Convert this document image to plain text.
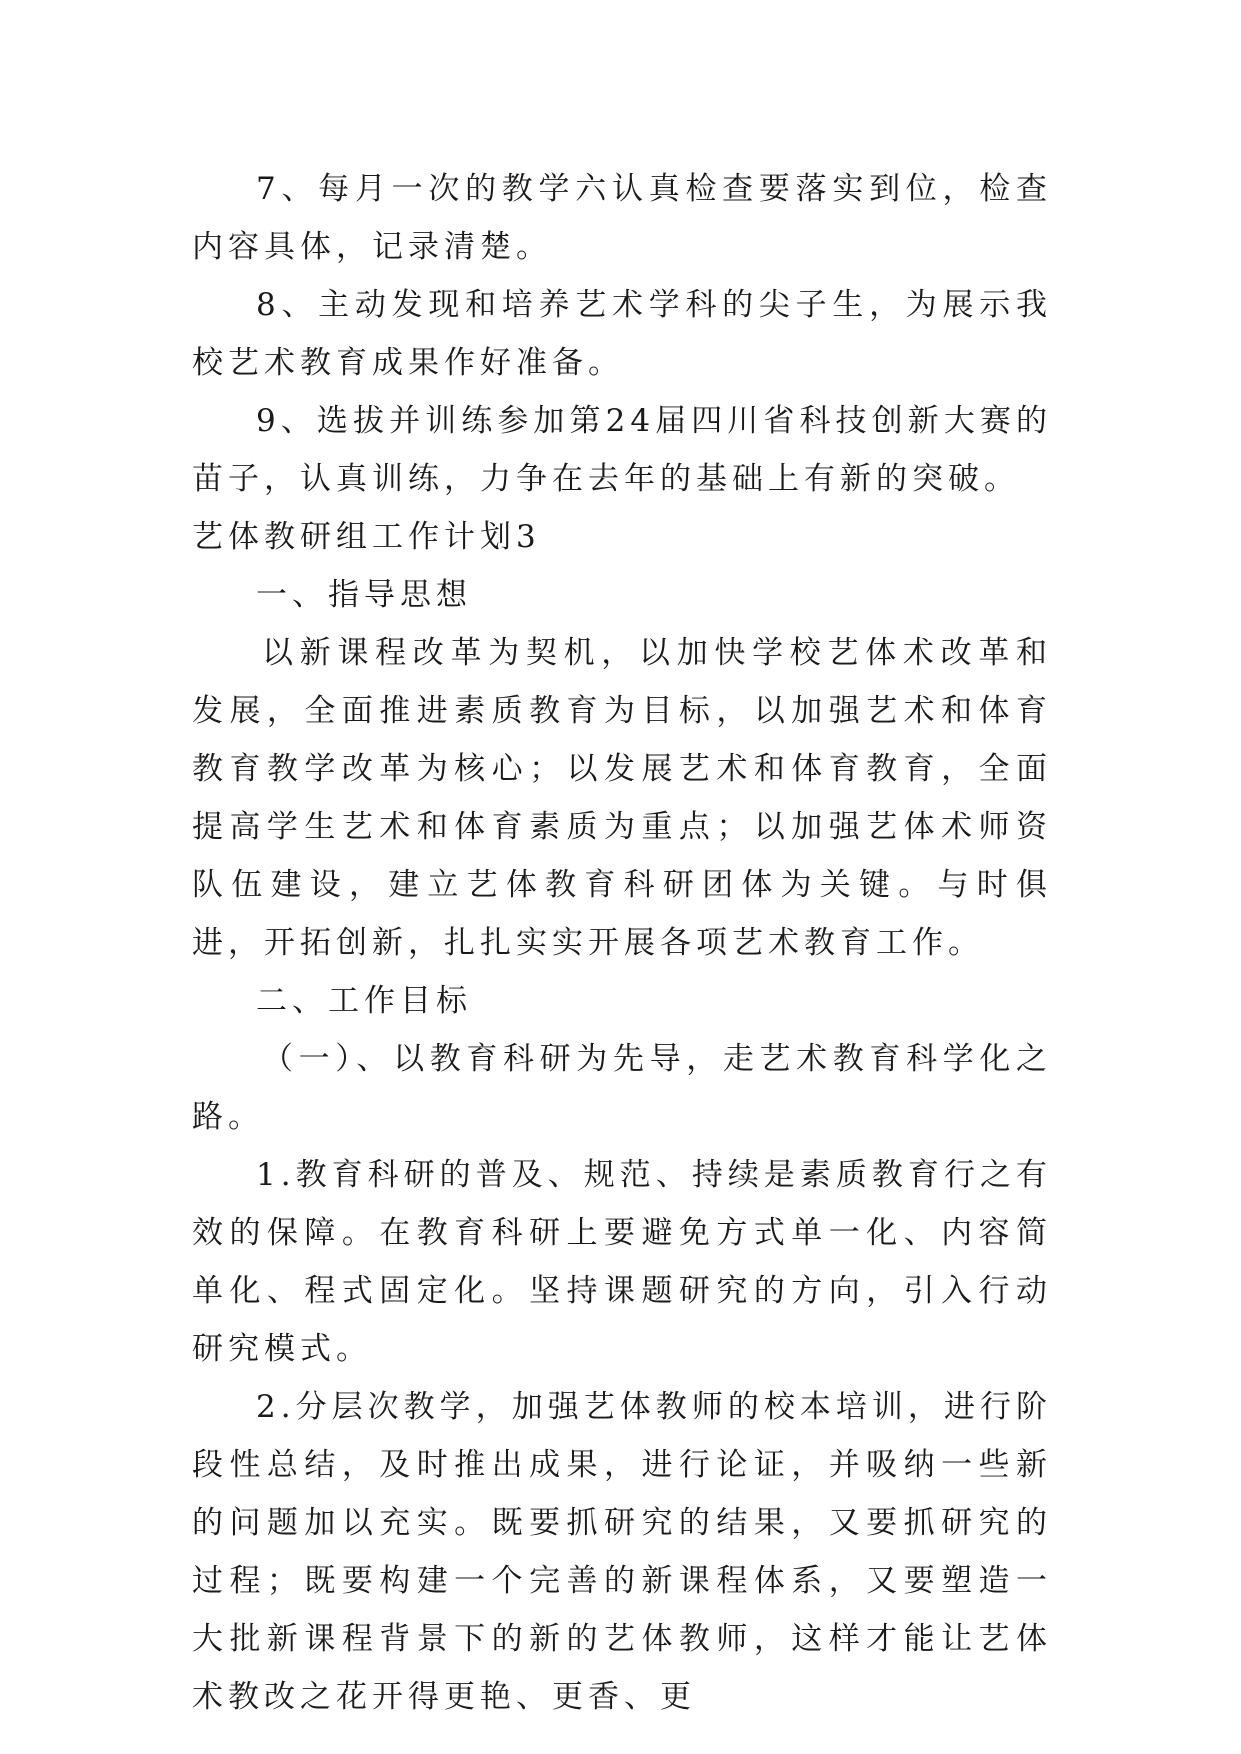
7、每月一次的教学六认真检查要落实到位，检查内容具体，记录清楚。

8、主动发现和培养艺术学科的尖子生，为展示我校艺术教育成果作好准备。

9、选拔并训练参加第24届四川省科技创新大赛的苗子，认真训练，力争在去年的基础上有新的突破。

艺体教研组工作计划3

一、指导思想

以新课程改革为契机，以加快学校艺体术改革和发展，全面推进素质教育为目标，以加强艺术和体育教育教学改革为核心；以发展艺术和体育教育，全面提高学生艺术和体育素质为重点；以加强艺体术师资队伍建设，建立艺体教育科研团体为关键。与时俱进，开拓创新，扎扎实实开展各项艺术教育工作。

二、工作目标

（一）、以教育科研为先导，走艺术教育科学化之路。

1.教育科研的普及、规范、持续是素质教育行之有效的保障。在教育科研上要避免方式单一化、内容简单化、程式固定化。坚持课题研究的方向，引入行动研究模式。

2.分层次教学，加强艺体教师的校本培训，进行阶段性总结，及时推出成果，进行论证，并吸纳一些新的问题加以充实。既要抓研究的结果，又要抓研究的过程；既要构建一个完善的新课程体系，又要塑造一大批新课程背景下的新的艺体教师，这样才能让艺体术教改之花开得更艳、更香、更
